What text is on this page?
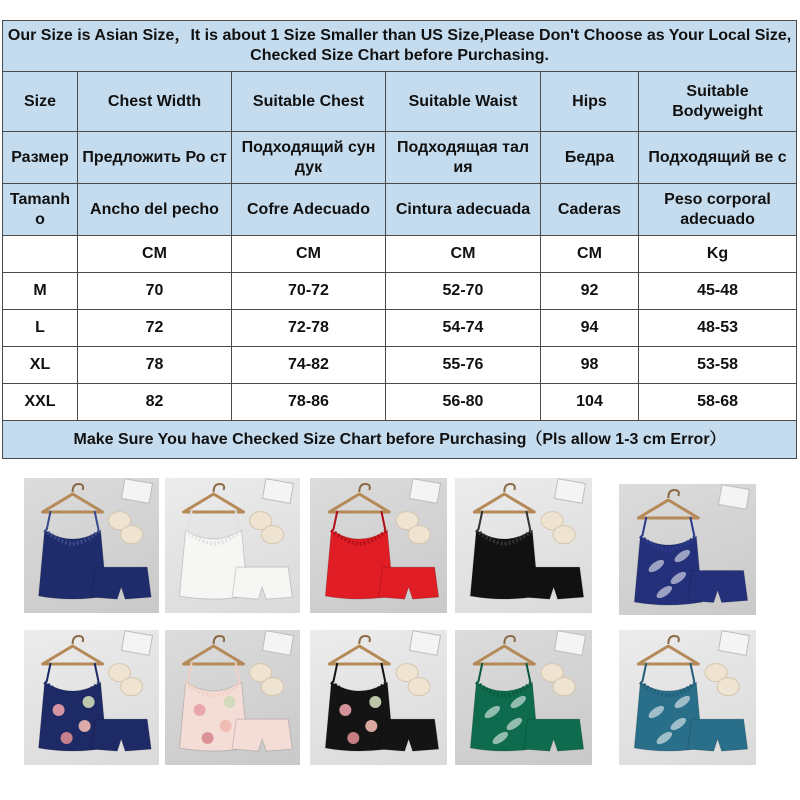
Our Size is Asian Size，It is about 1 Size Smaller than US Size,Please Don't Choose as Your Local Size, Checked Size Chart before Purchasing.					
Size	Chest Width	Suitable Chest	Suitable Waist	Hips	Suitable Bodyweight
Размер	Предложить Ро ст	Подходящий сун дук	Подходящая тал ия	Бедра	Подходящий ве с
Tamanh o	Ancho del pecho	Cofre Adecuado	Cintura adecuada	Caderas	Peso corporal adecuado
	CM	CM	CM	CM	Kg
M	70	70-72	52-70	92	45-48
L	72	72-78	54-74	94	48-53
XL	78	74-82	55-76	98	53-58
XXL	82	78-86	56-80	104	58-68
Make Sure You have Checked Size Chart before Purchasing（Pls allow 1-3 cm Error）					
